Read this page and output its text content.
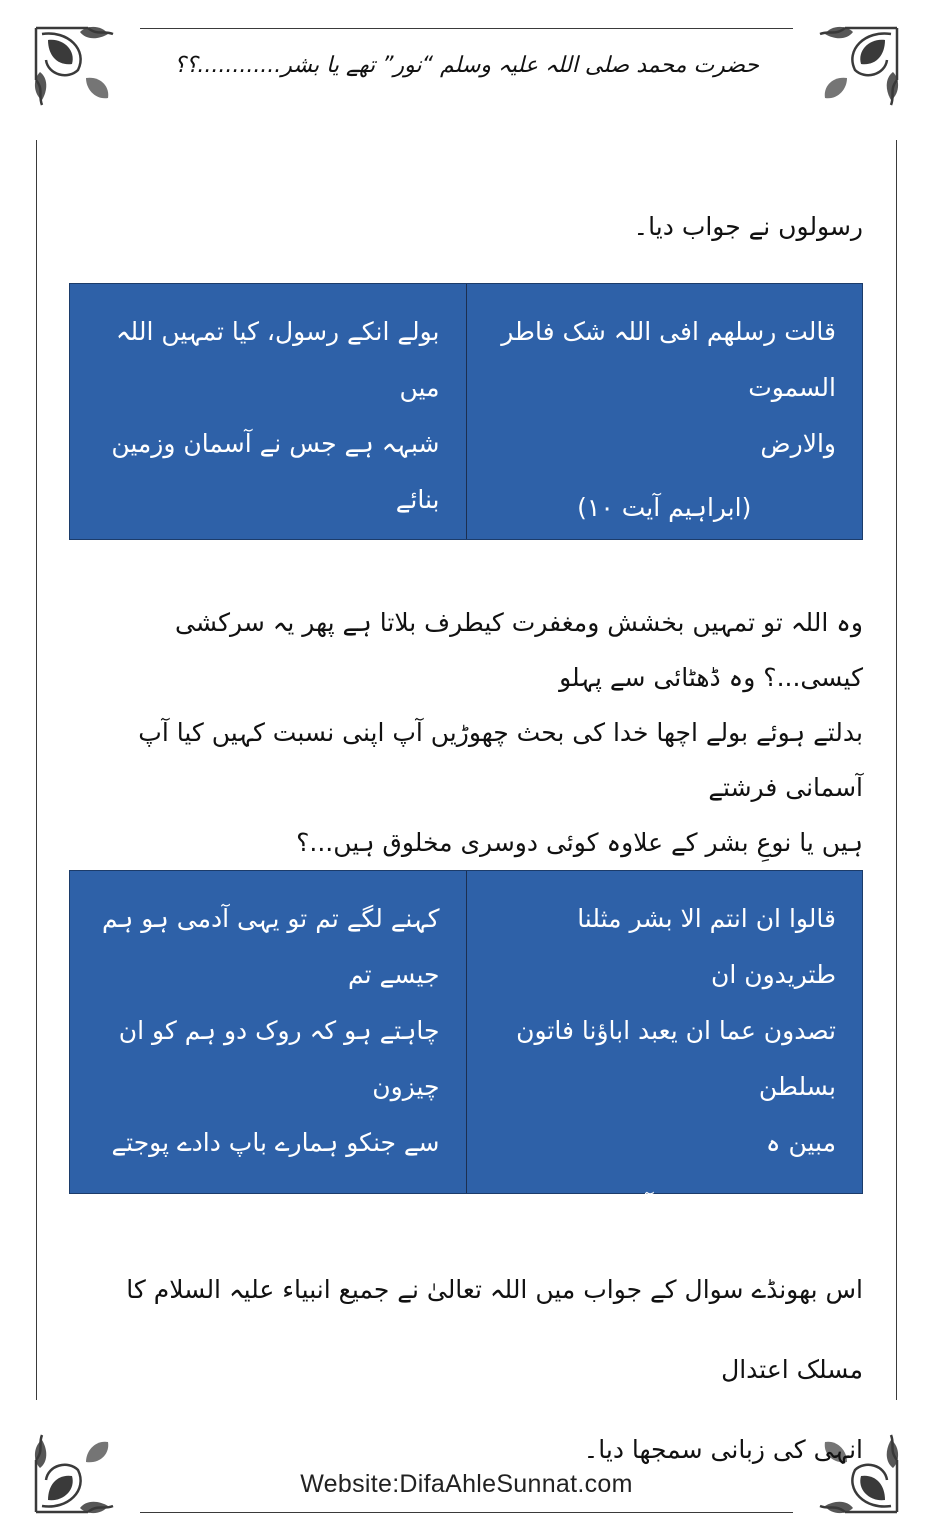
حضرت محمد صلی اللہ علیہ وسلم “نور” تھے یا بشر............؟؟
رسولوں نے جواب دیا۔

قالت رسلھم افی اللہ شک فاطر السموت

والارض

(ابراہیم آیت ۱۰)

بولے انکے رسول، کیا تمہیں اللہ میں

شبہہ ہے جس نے آسمان وزمین بنائے

ہیں۔

وہ اللہ تو تمہیں بخشش ومغفرت کیطرف بلاتا ہے پھر یہ سرکشی کیسی...؟ وہ ڈھٹائی سے پہلو

بدلتے ہوئے بولے اچھا خدا کی بحث چھوڑیں آپ اپنی نسبت کہیں کیا آپ آسمانی فرشتے

ہیں یا نوعِ بشر کے علاوہ کوئی دوسری مخلوق ہیں...؟

قالوا ان انتم الا بشر مثلنا طتریدون ان

تصدون عما ان یعبد اباؤنا فاتون بسلطن

مبین ہ

(ابراہیم۔ آیت ۱۰)

کہنے لگے تم تو یہی آدمی ہو ہم جیسے تم

چاہتے ہو کہ روک دو ہم کو ان چیزون

سے جنکو ہمارے باپ دادے پوجتے رہے

سو کوئی سند تولاؤ واضح۔

اس بھونڈے سوال کے جواب میں اللہ تعالیٰ نے جمیع انبیاء علیہ السلام کا مسلک اعتدال

انہی کی زبانی سمجھا دیا۔

Website:DifaAhleSunnat.com
